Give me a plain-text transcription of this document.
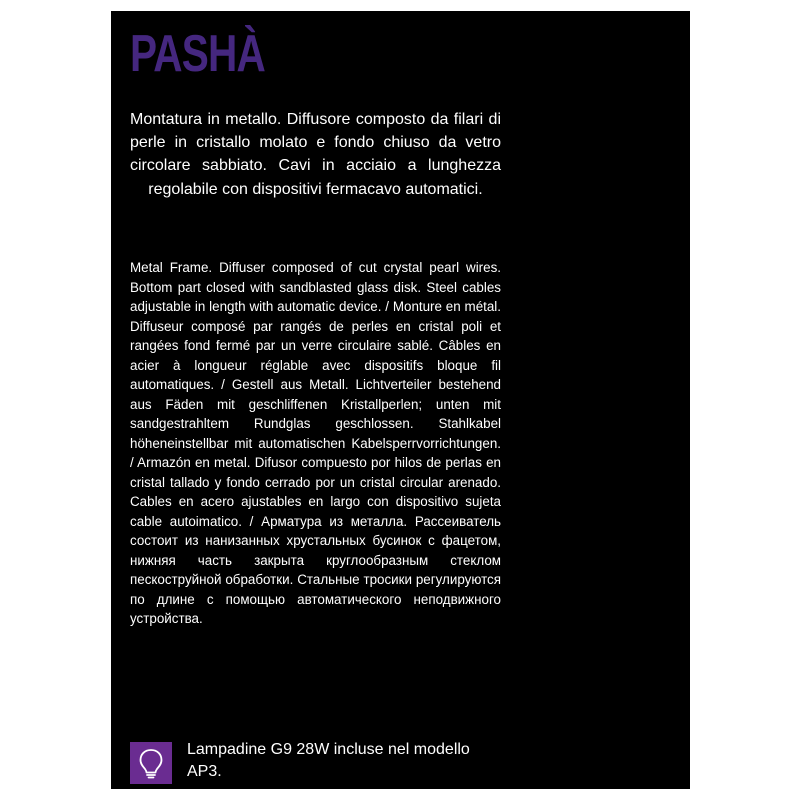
PASHÀ

Montatura in metallo. Diffusore composto da filari di perle in cristallo molato e fondo chiuso da vetro circolare sabbiato. Cavi in acciaio a lunghezza regolabile con dispositivi fermacavo automatici.

Metal Frame. Diffuser composed of cut crystal pearl wires. Bottom part closed with sandblasted glass disk. Steel cables adjustable in length with automatic device. / Monture en métal. Diffuseur composé par rangés de perles en cristal poli et rangées fond fermé par un verre circulaire sablé. Câbles en acier à longueur réglable avec dispositifs bloque fil automatiques. / Gestell aus Metall. Lichtverteiler bestehend aus Fäden mit geschliffenen Kristallperlen; unten mit sandgestrahltem Rundglas geschlossen. Stahlkabel höheneinstellbar mit automatischen Kabelsperrvorrichtungen. / Armazón en metal. Difusor compuesto por hilos de perlas en cristal tallado y fondo cerrado por un cristal circular arenado. Cables en acero ajustables en largo con dispositivo sujeta cable autoimatico. / Арматура из металла. Рассеиватель состоит из нанизанных хрустальных бусинок с фацетом, нижняя часть закрыта круглообразным стеклом пескоструйной обработки. Стальные тросики регулируются по длине с помощью автоматического неподвижного устройства.

Lampadine G9 28W incluse nel modello AP3.
